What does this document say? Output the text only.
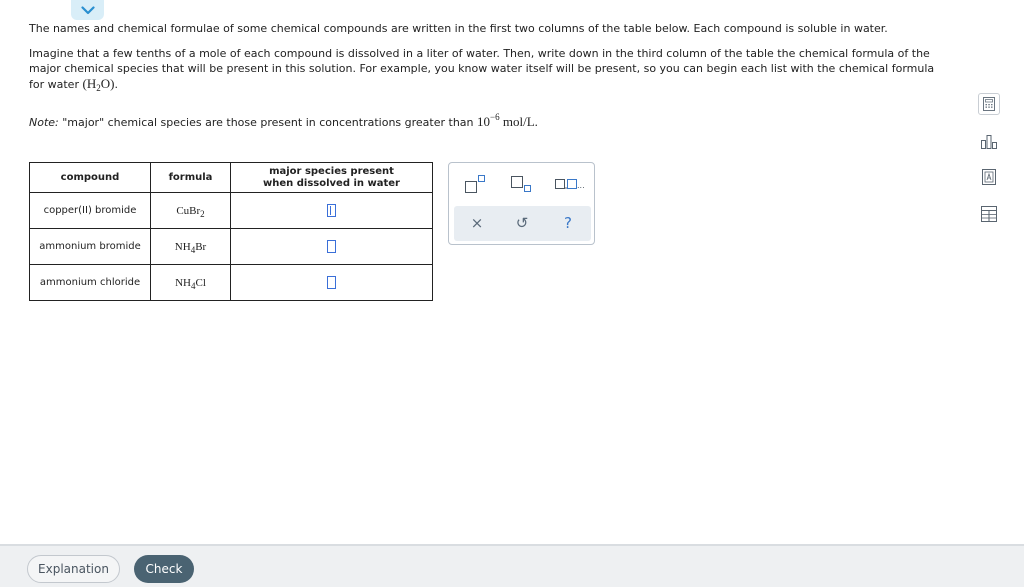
The names and chemical formulae of some chemical compounds are written in the first two columns of the table below. Each compound is soluble in water.
Imagine that a few tenths of a mole of each compound is dissolved in a liter of water. Then, write down in the third column of the table the chemical formula of the major chemical species that will be present in this solution. For example, you know water itself will be present, so you can begin each list with the chemical formula for water $(H_2O)$.
Note: "major" chemical species are those present in concentrations greater than $10^{-6}$ mol/L.
compound	formula	major species present
when dissolved in water
copper(II) bromide	CuBr$_2$	
ammonium bromide	$NH_4Br$	
ammonium chloride	$NH_4Cl$	
...
×	↺	?
Explanation	Check
